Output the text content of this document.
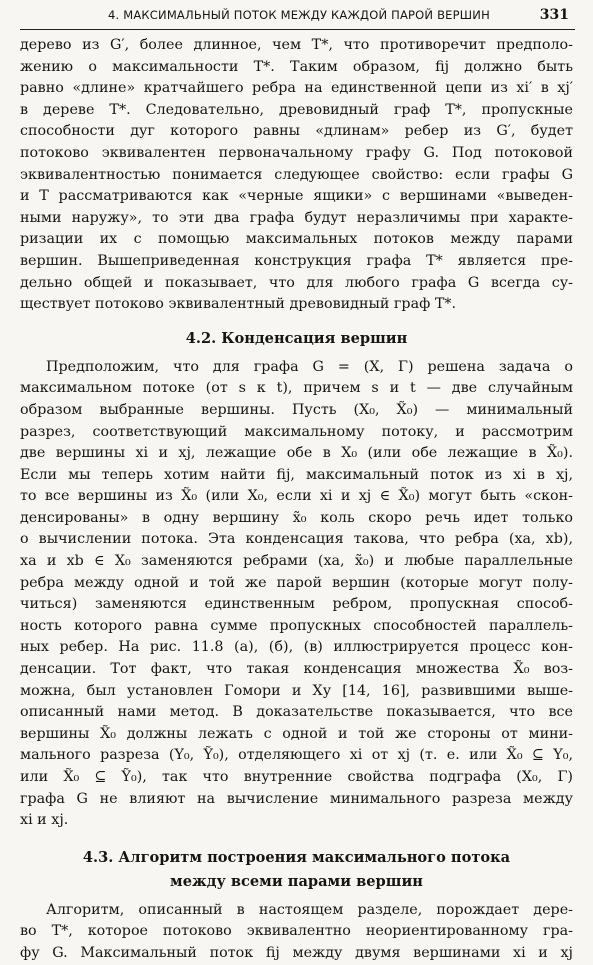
4. МАКСИМАЛЬНЫЙ ПОТОК МЕЖДУ КАЖДОЙ ПАРОЙ ВЕРШИН	331
дерево из G′, более длинное, чем T*, что противоречит предполо-
жению о максимальности T*. Таким образом, fij должно быть
равно «длине» кратчайшего ребра на единственной цепи из xi′ в xj′
в дереве T*. Следовательно, древовидный граф T*, пропускные
способности дуг которого равны «длинам» ребер из G′, будет
потоково эквивалентен первоначальному графу G. Под потоковой
эквивалентностью понимается следующее свойство: если графы G
и T рассматриваются как «черные ящики» с вершинами «выведен-
ными наружу», то эти два графа будут неразличимы при характе-
ризации их с помощью максимальных потоков между парами
вершин. Вышеприведенная конструкция графа T* является пре-
дельно общей и показывает, что для любого графа G всегда су-
ществует потоково эквивалентный древовидный граф T*.
4.2. Конденсация вершин
Предположим, что для графа G = (X, Γ) решена задача о
максимальном потоке (от s к t), причем s и t — две случайным
образом выбранные вершины. Пусть (X₀, X̃₀) — минимальный
разрез, соответствующий максимальному потоку, и рассмотрим
две вершины xi и xj, лежащие обе в X₀ (или обе лежащие в X̃₀).
Если мы теперь хотим найти fij, максимальный поток из xi в xj,
то все вершины из X̃₀ (или X₀, если xi и xj ∈ X̃₀) могут быть «скон-
денсированы» в одну вершину x̃₀ коль скоро речь идет только
о вычислении потока. Эта конденсация такова, что ребра (xa, xb),
xa и xb ∈ X₀ заменяются ребрами (xa, x̃₀) и любые параллельные
ребра между одной и той же парой вершин (которые могут полу-
читься) заменяются единственным ребром, пропускная способ-
ность которого равна сумме пропускных способностей параллель-
ных ребер. На рис. 11.8 (а), (б), (в) иллюстрируется процесс кон-
денсации. Тот факт, что такая конденсация множества X̃₀ воз-
можна, был установлен Гомори и Ху [14, 16], развившими выше-
описанный нами метод. В доказательстве показывается, что все
вершины X̃₀ должны лежать с одной и той же стороны от мини-
мального разреза (Y₀, Ỹ₀), отделяющего xi от xj (т. е. или X̃₀ ⊆ Y₀,
или X̃₀ ⊆ Ỹ₀), так что внутренние свойства подграфа (X₀, Γ)
графа G не влияют на вычисление минимального разреза между
xi и xj.
4.3. Алгоритм построения максимального потока
между всеми парами вершин
Алгоритм, описанный в настоящем разделе, порождает дере-
во T*, которое потоково эквивалентно неориентированному гра-
фу G. Максимальный поток fij между двумя вершинами xi и xj
